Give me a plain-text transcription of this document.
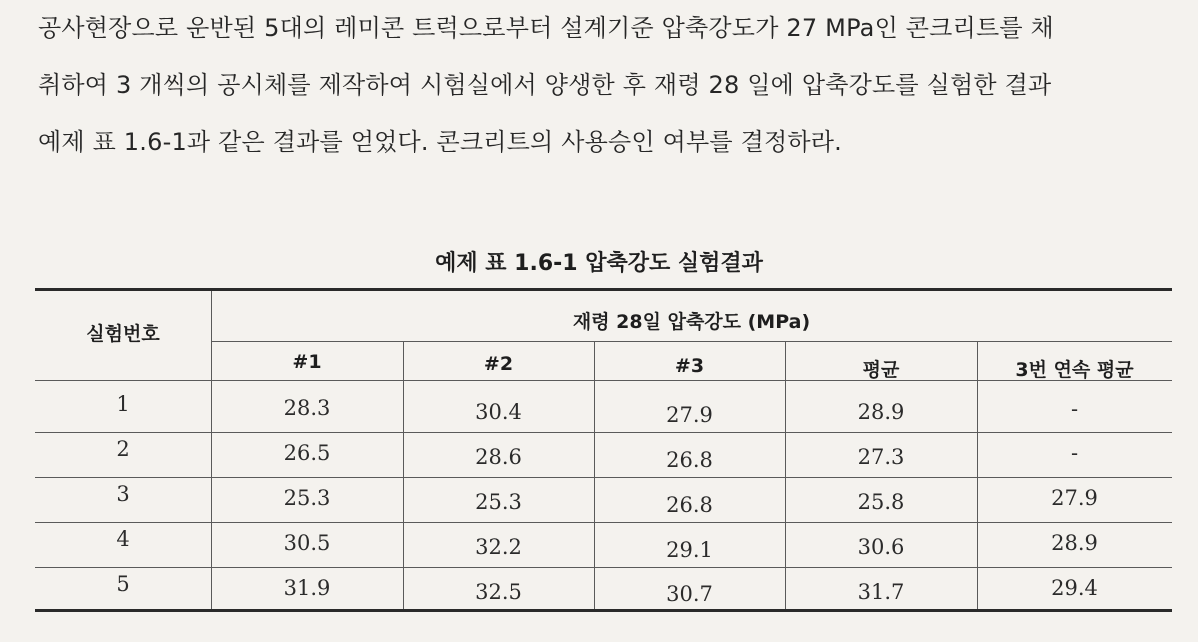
공사현장으로 운반된 5대의 레미콘 트럭으로부터 설계기준 압축강도가 27 MPa인 콘크리트를 채
취하여 3 개씩의 공시체를 제작하여 시험실에서 양생한 후 재령 28 일에 압축강도를 실험한 결과
예제 표 1.6-1과 같은 결과를 얻었다. 콘크리트의 사용승인 여부를 결정하라.
예제 표 1.6-1 압축강도 실험결과
실험번호
재령 28일 압축강도 (MPa)
#1	#2	#3	평균	3번 연속 평균
1	28.3	30.4	27.9	28.9	-
2	26.5	28.6	26.8	27.3	-
3	25.3	25.3	26.8	25.8	27.9
4	30.5	32.2	29.1	30.6	28.9
5	31.9	32.5	30.7	31.7	29.4
